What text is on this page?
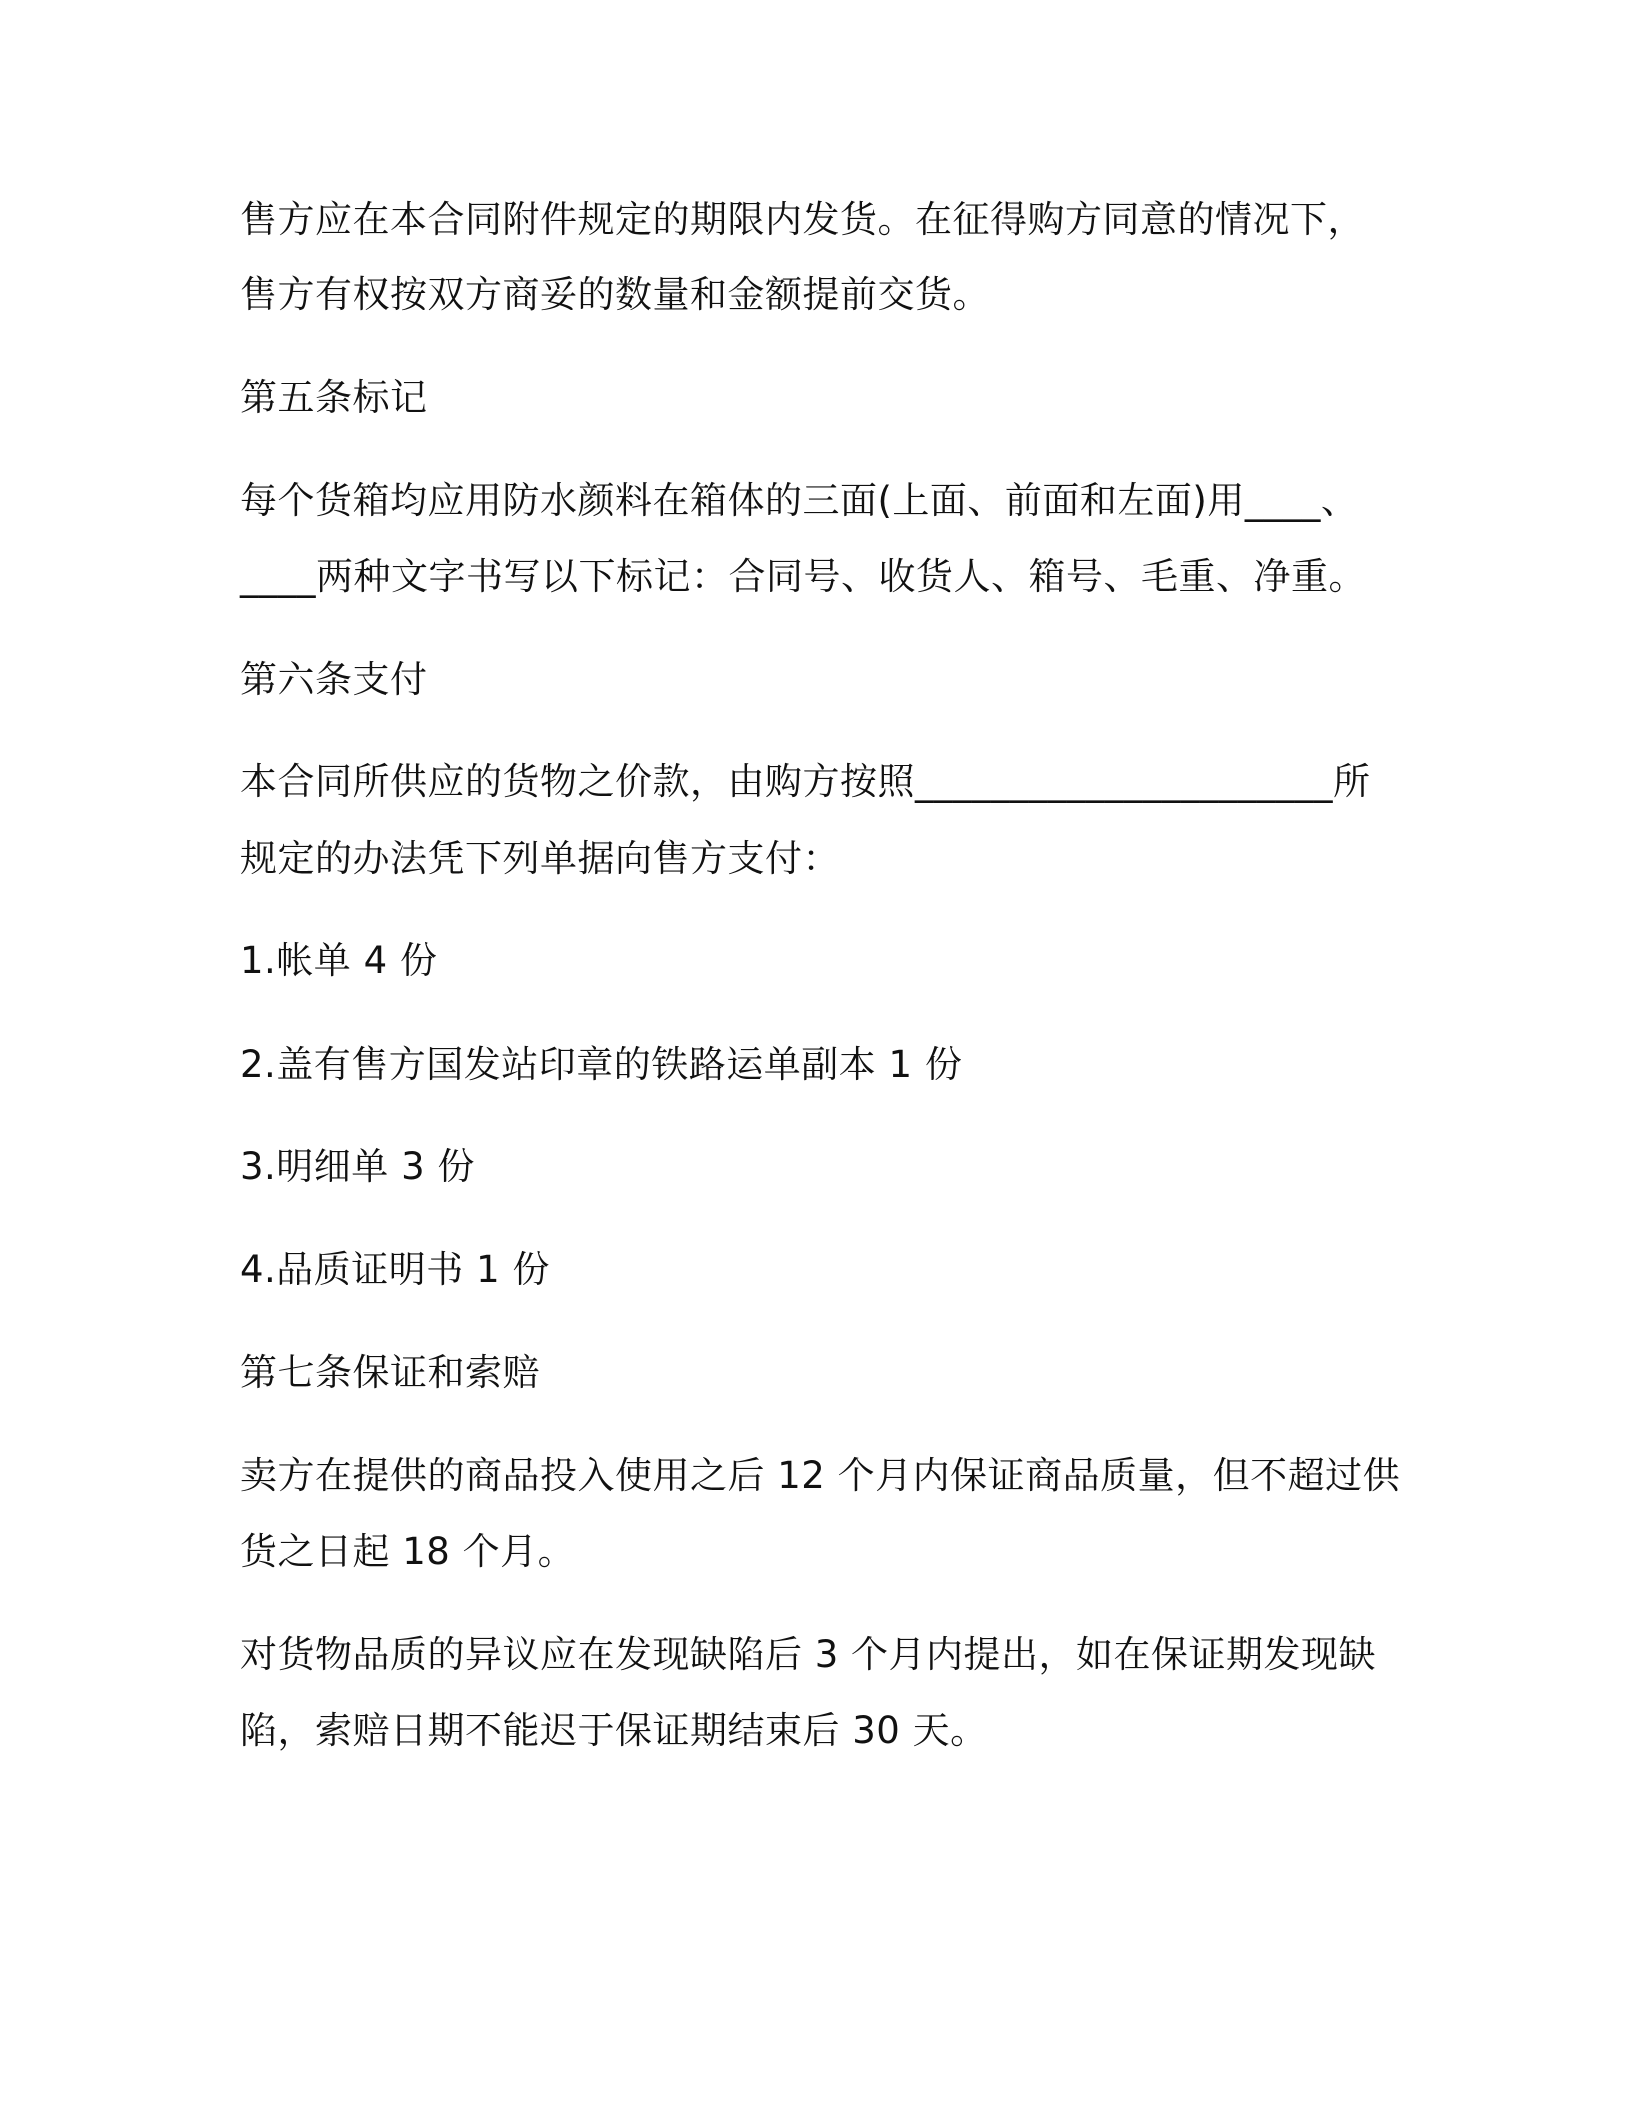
售方应在本合同附件规定的期限内发货。在征得购方同意的情况下，
售方有权按双方商妥的数量和金额提前交货。
第五条标记
每个货箱均应用防水颜料在箱体的三面(上面、前面和左面)用____、
____两种文字书写以下标记：合同号、收货人、箱号、毛重、净重。
第六条支付
本合同所供应的货物之价款，由购方按照______________________所
规定的办法凭下列单据向售方支付：
1.帐单 4 份
2.盖有售方国发站印章的铁路运单副本 1 份
3.明细单 3 份
4.品质证明书 1 份
第七条保证和索赔
卖方在提供的商品投入使用之后 12 个月内保证商品质量，但不超过供
货之日起 18 个月。
对货物品质的异议应在发现缺陷后 3 个月内提出，如在保证期发现缺
陷，索赔日期不能迟于保证期结束后 30 天。
